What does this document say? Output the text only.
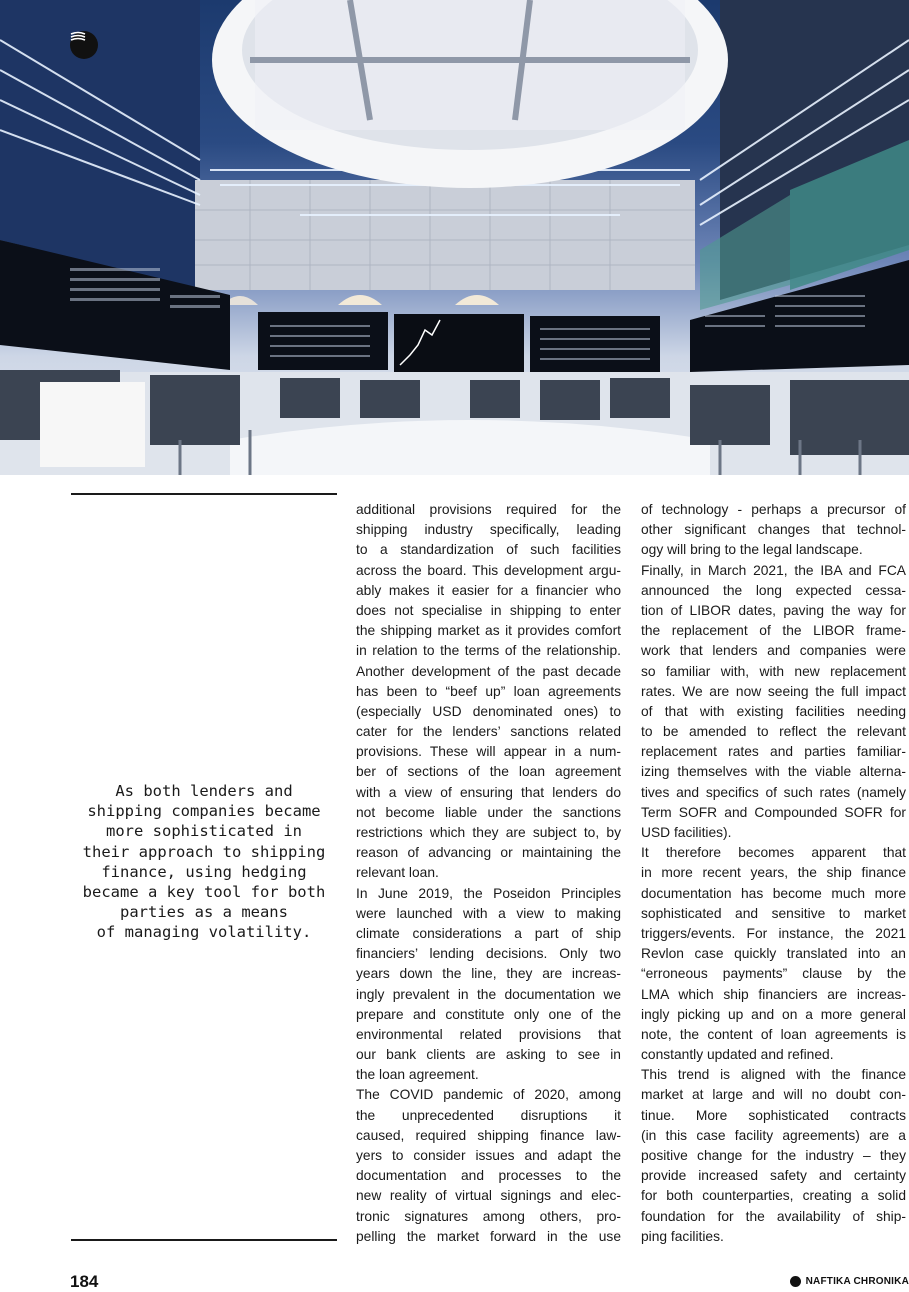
As both lenders and
shipping companies became
more sophisticated in
their approach to shipping
finance, using hedging
became a key tool for both
parties as a means
of managing volatility.
additional provisions required for the
shipping industry specifically, leading
to a standardization of such facilities
across the board. This development argu-
ably makes it easier for a financier who
does not specialise in shipping to enter
the shipping market as it provides comfort
in relation to the terms of the relationship.
Another development of the past decade
has been to “beef up” loan agreements
(especially USD denominated ones) to
cater for the lenders’ sanctions related
provisions. These will appear in a num-
ber of sections of the loan agreement
with a view of ensuring that lenders do
not become liable under the sanctions
restrictions which they are subject to, by
reason of advancing or maintaining the
relevant loan.
In June 2019, the Poseidon Principles
were launched with a view to making
climate considerations a part of ship
financiers’ lending decisions. Only two
years down the line, they are increas-
ingly prevalent in the documentation we
prepare and constitute only one of the
environmental related provisions that
our bank clients are asking to see in
the loan agreement.
The COVID pandemic of 2020, among
the unprecedented disruptions it
caused, required shipping finance law-
yers to consider issues and adapt the
documentation and processes to the
new reality of virtual signings and elec-
tronic signatures among others, pro-
pelling the market forward in the use
of technology - perhaps a precursor of
other significant changes that technol-
ogy will bring to the legal landscape.
Finally, in March 2021, the IBA and FCA
announced the long expected cessa-
tion of LIBOR dates, paving the way for
the replacement of the LIBOR frame-
work that lenders and companies were
so familiar with, with new replacement
rates. We are now seeing the full impact
of that with existing facilities needing
to be amended to reflect the relevant
replacement rates and parties familiar-
izing themselves with the viable alterna-
tives and specifics of such rates (namely
Term SOFR and Compounded SOFR for
USD facilities).
It therefore becomes apparent that
in more recent years, the ship finance
documentation has become much more
sophisticated and sensitive to market
triggers/events. For instance, the 2021
Revlon case quickly translated into an
“erroneous payments” clause by the
LMA which ship financiers are increas-
ingly picking up and on a more general
note, the content of loan agreements is
constantly updated and refined.
This trend is aligned with the finance
market at large and will no doubt con-
tinue. More sophisticated contracts
(in this case facility agreements) are a
positive change for the industry – they
provide increased safety and certainty
for both counterparties, creating a solid
foundation for the availability of ship-
ping facilities.
184	NAFTIKA CHRONIKA
